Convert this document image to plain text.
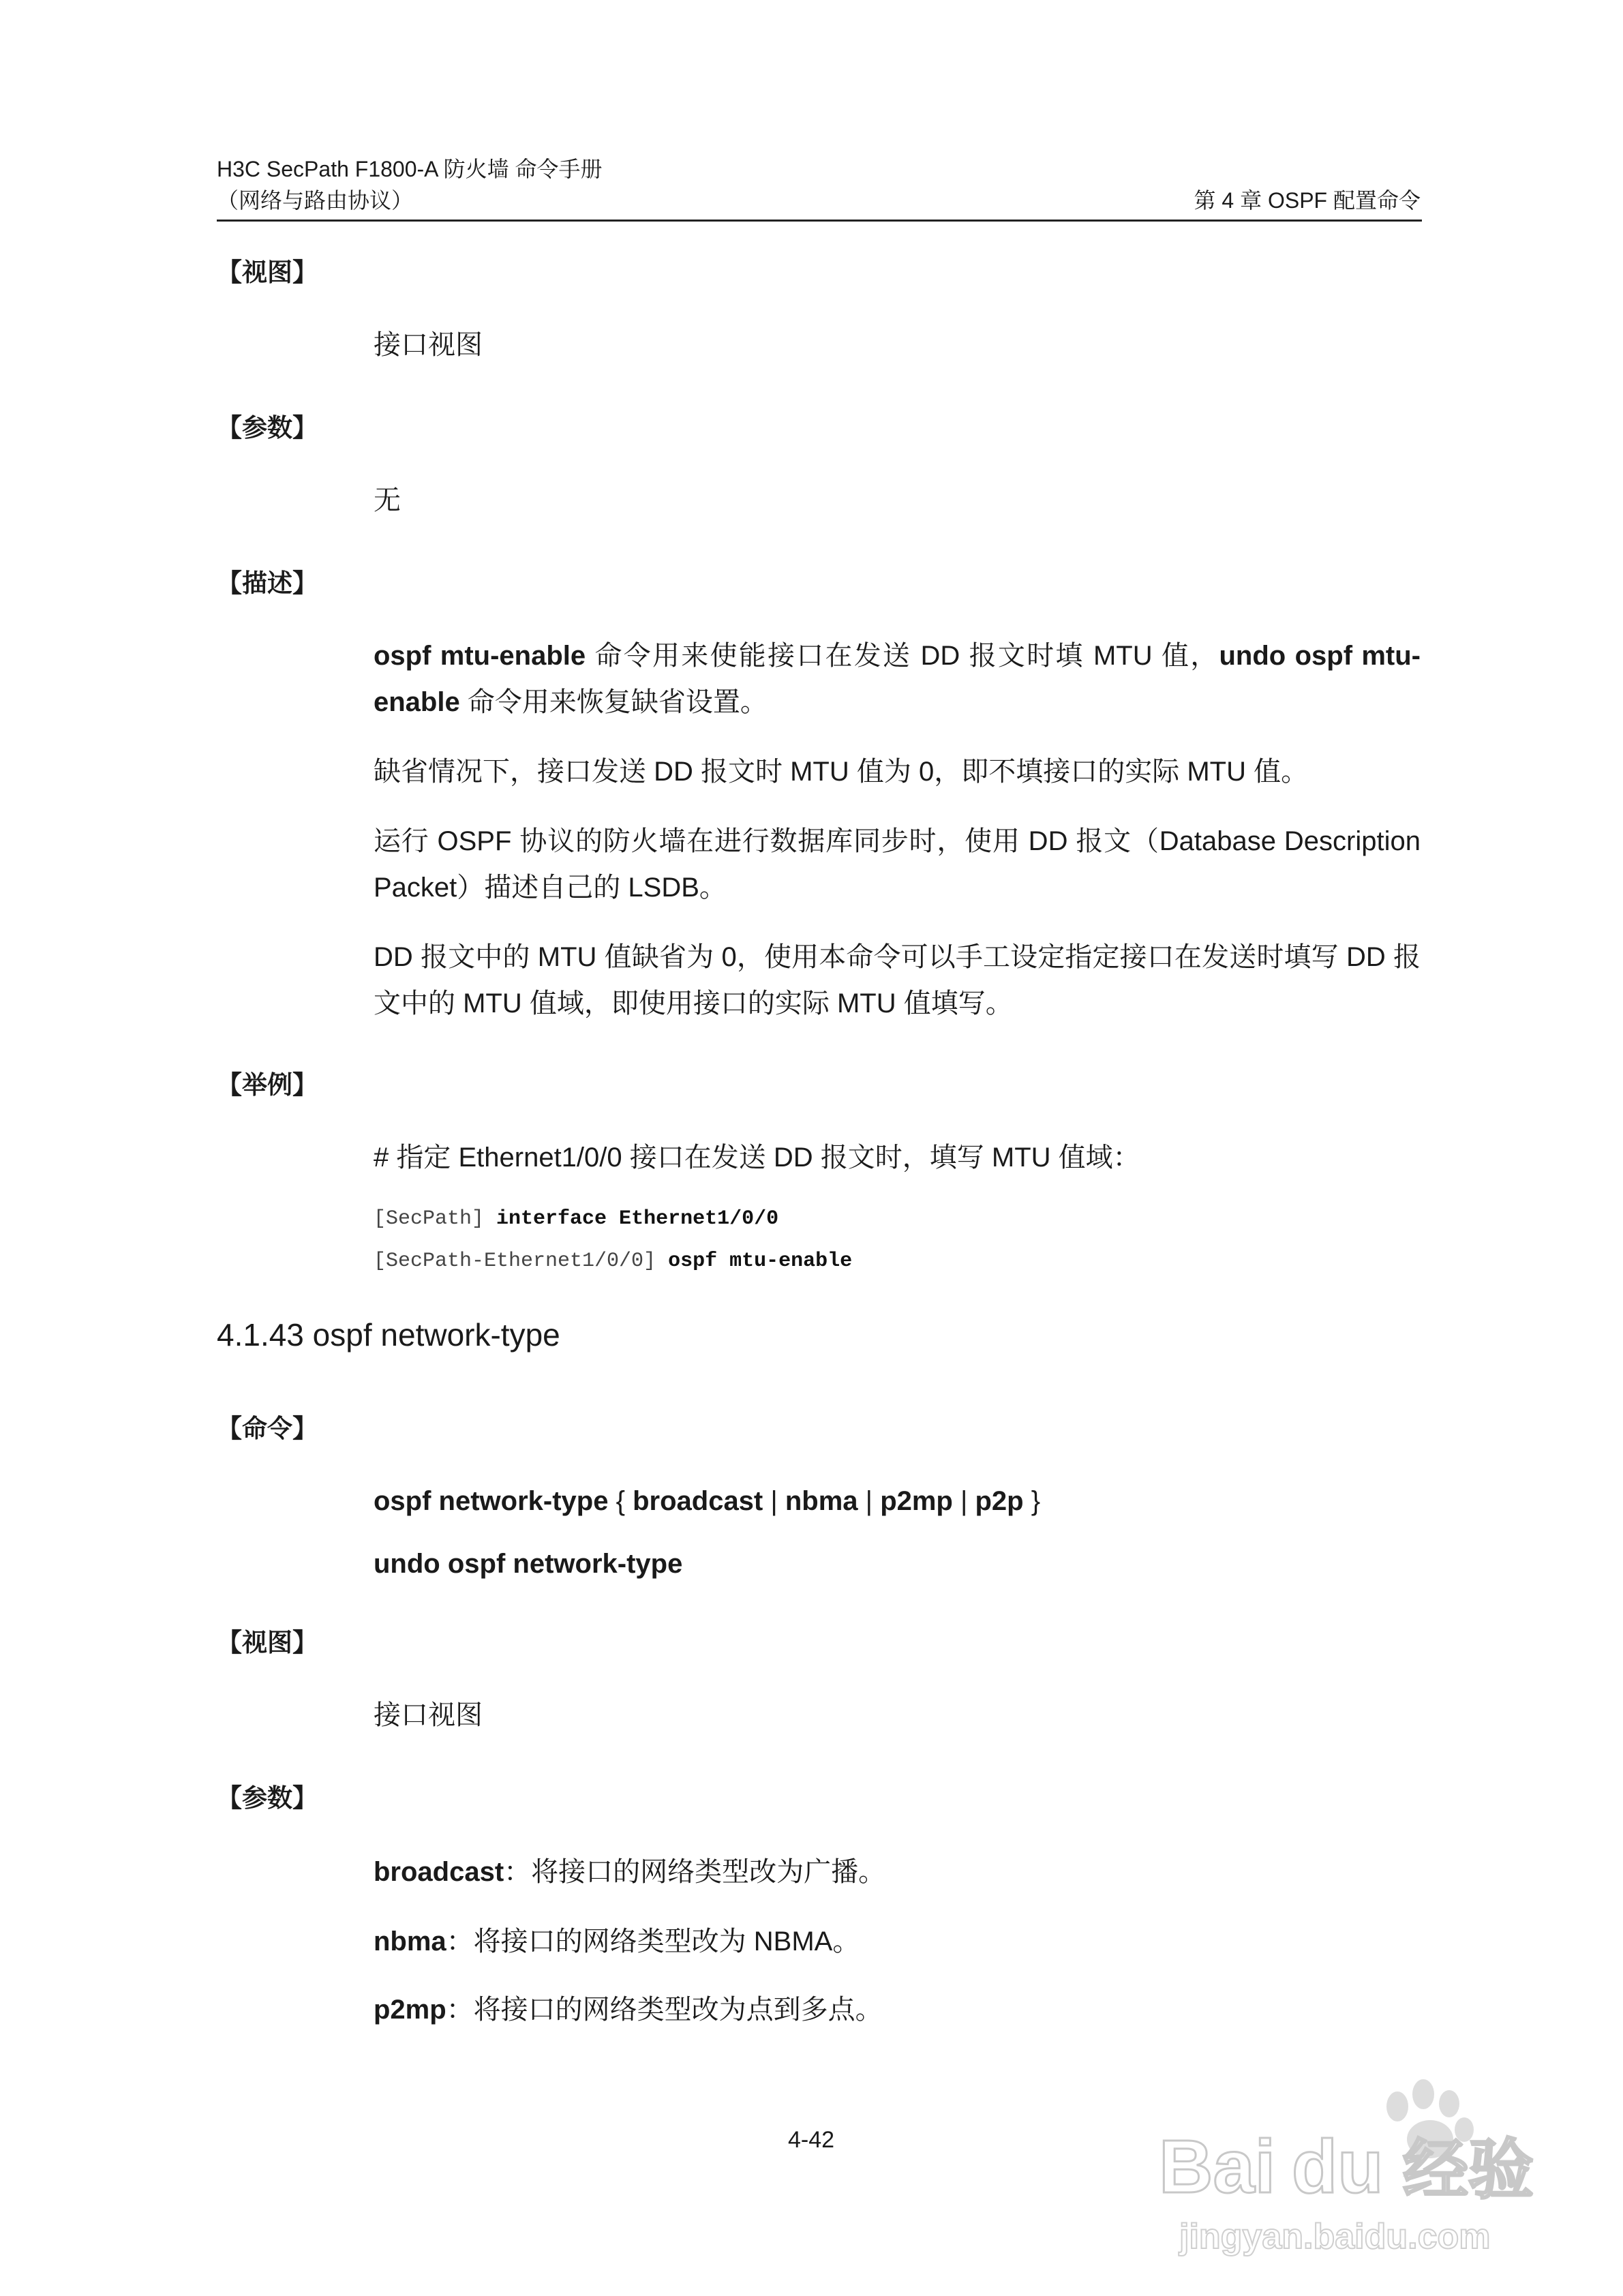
H3C SecPath F1800-A 防火墙 命令手册
（网络与路由协议）	第 4 章 OSPF 配置命令
【视图】
接口视图
【参数】
无
【描述】
ospf mtu-enable 命令用来使能接口在发送 DD 报文时填 MTU 值，undo ospf mtu-enable 命令用来恢复缺省设置。
缺省情况下，接口发送 DD 报文时 MTU 值为 0，即不填接口的实际 MTU 值。
运行 OSPF 协议的防火墙在进行数据库同步时，使用 DD 报文（Database Description Packet）描述自己的 LSDB。
DD 报文中的 MTU 值缺省为 0，使用本命令可以手工设定指定接口在发送时填写 DD 报文中的 MTU 值域，即使用接口的实际 MTU 值填写。
【举例】
# 指定 Ethernet1/0/0 接口在发送 DD 报文时，填写 MTU 值域：
[SecPath] interface Ethernet1/0/0
[SecPath-Ethernet1/0/0] ospf mtu-enable
4.1.43 ospf network-type
【命令】
ospf network-type { broadcast | nbma | p2mp | p2p }
undo ospf network-type
【视图】
接口视图
【参数】
broadcast：将接口的网络类型改为广播。
nbma：将接口的网络类型改为 NBMA。
p2mp：将接口的网络类型改为点到多点。
4-42	Bai du 经验
jingyan.baidu.com
